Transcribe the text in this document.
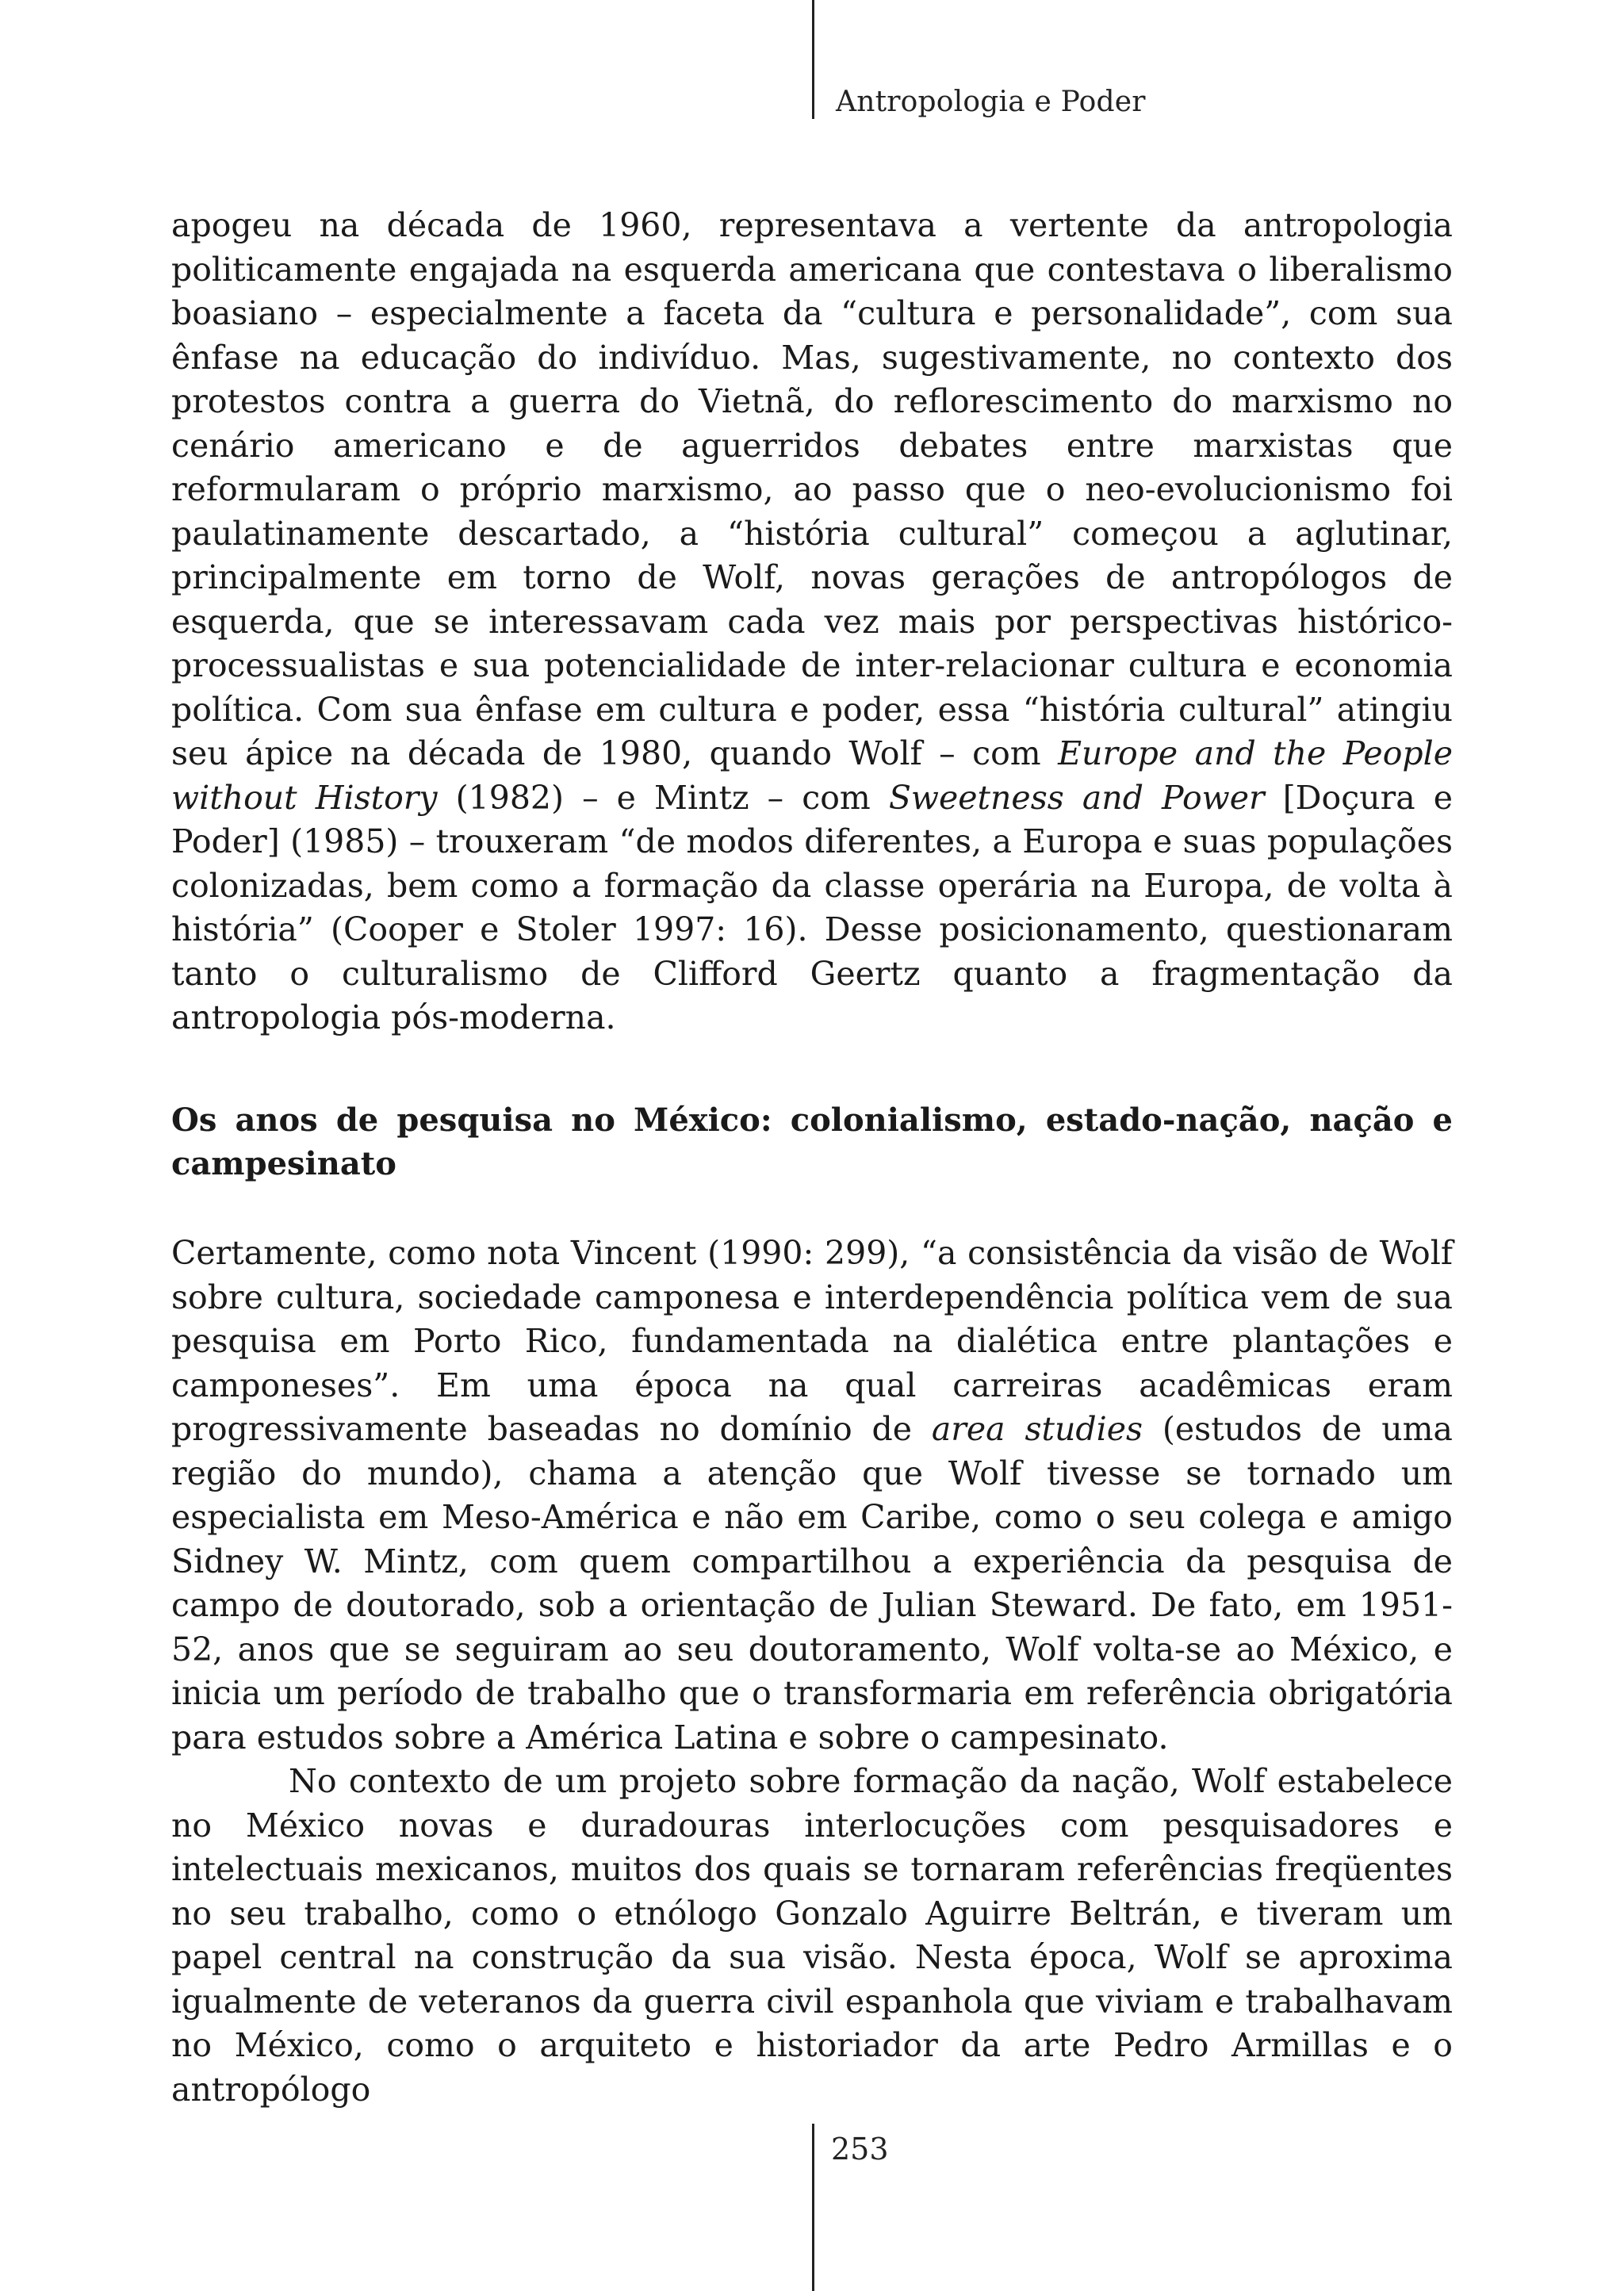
Antropologia e Poder

apogeu na década de 1960, representava a vertente da antropologia politicamente engajada na esquerda americana que contestava o liberalismo boasiano – especialmente a faceta da “cultura e personalidade”, com sua ênfase na educação do indivíduo. Mas, sugestivamente, no contexto dos protestos contra a guerra do Vietnã, do reflorescimento do marxismo no cenário americano e de aguerridos debates entre marxistas que reformularam o próprio marxismo, ao passo que o neo-evolucionismo foi paulatinamente descartado, a “história cultural” começou a aglutinar, principalmente em torno de Wolf, novas gerações de antropólogos de esquerda, que se interessavam cada vez mais por perspectivas histórico-processualistas e sua potencialidade de inter-relacionar cultura e economia política. Com sua ênfase em cultura e poder, essa “história cultural” atingiu seu ápice na década de 1980, quando Wolf – com Europe and the People without History (1982) – e Mintz – com Sweetness and Power [Doçura e Poder] (1985) – trouxeram “de modos diferentes, a Europa e suas populações colonizadas, bem como a formação da classe operária na Europa, de volta à história” (Cooper e Stoler 1997: 16). Desse posicionamento, questionaram tanto o culturalismo de Clifford Geertz quanto a fragmentação da antropologia pós-moderna.

Os anos de pesquisa no México: colonialismo, estado-nação, nação e campesinato

Certamente, como nota Vincent (1990: 299), “a consistência da visão de Wolf sobre cultura, sociedade camponesa e interdependência política vem de sua pesquisa em Porto Rico, fundamentada na dialética entre plantações e camponeses”. Em uma época na qual carreiras acadêmicas eram progressivamente baseadas no domínio de area studies (estudos de uma região do mundo), chama a atenção que Wolf tivesse se tornado um especialista em Meso-América e não em Caribe, como o seu colega e amigo Sidney W. Mintz, com quem compartilhou a experiência da pesquisa de campo de doutorado, sob a orientação de Julian Steward. De fato, em 1951-52, anos que se seguiram ao seu doutoramento, Wolf volta-se ao México, e inicia um período de trabalho que o transformaria em referência obrigatória para estudos sobre a América Latina e sobre o campesinato.

No contexto de um projeto sobre formação da nação, Wolf estabelece no México novas e duradouras interlocuções com pesquisadores e intelectuais mexicanos, muitos dos quais se tornaram referências freqüentes no seu trabalho, como o etnólogo Gonzalo Aguirre Beltrán, e tiveram um papel central na construção da sua visão. Nesta época, Wolf se aproxima igualmente de veteranos da guerra civil espanhola que viviam e trabalhavam no México, como o arquiteto e historiador da arte Pedro Armillas e o antropólogo

253
